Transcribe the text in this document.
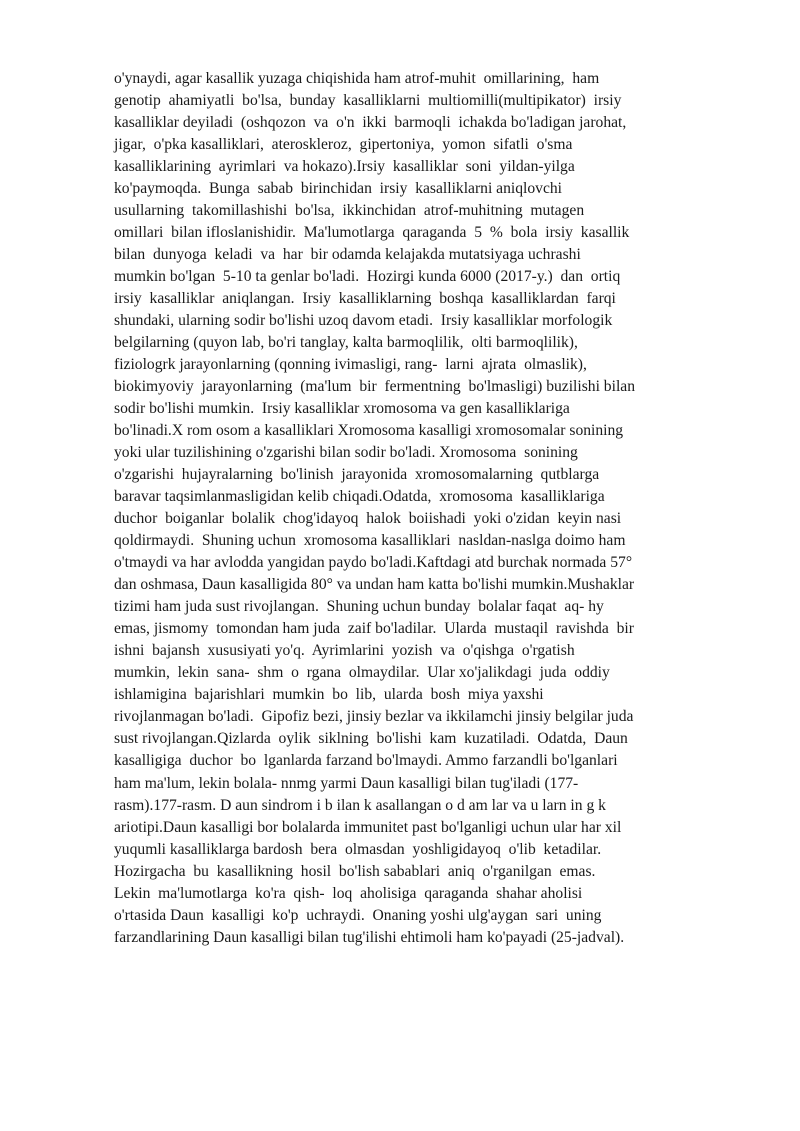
o'ynaydi, agar kasallik yuzaga chiqishida ham atrof-muhit  omillarining,  ham
genotip  ahamiyatli  bo'lsa,  bunday  kasalliklarni  multiomilli(multipikator)  irsiy
kasalliklar deyiladi  (oshqozon  va  o'n  ikki  barmoqli  ichakda bo'ladigan jarohat,
jigar,  o'pka kasalliklari,  ateroskleroz,  gipertoniya,  yomon  sifatli  o'sma
kasalliklarining  ayrimlari  va hokazo).Irsiy  kasalliklar  soni  yildan-yilga
ko'paymoqda.  Bunga  sabab  birinchidan  irsiy  kasalliklarni aniqlovchi
usullarning  takomillashishi  bo'lsa,  ikkinchidan  atrof-muhitning  mutagen
omillari  bilan ifloslanishidir.  Ma'lumotlarga  qaraganda  5  %  bola  irsiy  kasallik
bilan  dunyoga  keladi  va  har  bir odamda kelajakda mutatsiyaga uchrashi
mumkin bo'lgan  5-10 ta genlar bo'ladi.  Hozirgi kunda 6000 (2017-y.)  dan  ortiq
irsiy  kasalliklar  aniqlangan.  Irsiy  kasalliklarning  boshqa  kasalliklardan  farqi
shundaki, ularning sodir bo'lishi uzoq davom etadi.  Irsiy kasalliklar morfologik
belgilarning (quyon lab, bo'ri tanglay, kalta barmoqlilik,  olti barmoqlilik),
fiziologrk jarayonlarning (qonning ivimasligi, rang-  larni  ajrata  olmaslik),
biokimyoviy  jarayonlarning  (ma'lum  bir  fermentning  bo'lmasligi) buzilishi bilan
sodir bo'lishi mumkin.  Irsiy kasalliklar xromosoma va gen kasalliklariga
bo'linadi.X rom osom a kasalliklari Xromosoma kasalligi xromosomalar sonining
yoki ular tuzilishining o'zgarishi bilan sodir bo'ladi. Xromosoma  sonining
o'zgarishi  hujayralarning  bo'linish  jarayonida  xromosomalarning  qutblarga
baravar taqsimlanmasligidan kelib chiqadi.Odatda,  xromosoma  kasalliklariga
duchor  boiganlar  bolalik  chog'idayoq  halok  boiishadi  yoki o'zidan  keyin nasi
qoldirmaydi.  Shuning uchun  xromosoma kasalliklari  nasldan-naslga doimo ham
o'tmaydi va har avlodda yangidan paydo bo'ladi.Kaftdagi atd burchak normada 57°
dan oshmasa, Daun kasalligida 80° va undan ham katta bo'lishi mumkin.Mushaklar
tizimi ham juda sust rivojlangan.  Shuning uchun bunday  bolalar faqat  aq- hy
emas, jismomy  tomondan ham juda  zaif bo'ladilar.  Ularda  mustaqil  ravishda  bir
ishni  bajansh  xususiyati yo'q.  Ayrimlarini  yozish  va  o'qishga  o'rgatish
mumkin,  lekin  sana-  shm  o  rgana  olmaydilar.  Ular xo'jalikdagi  juda  oddiy
ishlamigina  bajarishlari  mumkin  bo  lib,  ularda  bosh  miya yaxshi
rivojlanmagan bo'ladi.  Gipofiz bezi, jinsiy bezlar va ikkilamchi jinsiy belgilar juda
sust rivojlangan.Qizlarda  oylik  siklning  bo'lishi  kam  kuzatiladi.  Odatda,  Daun
kasalligiga  duchor  bo  lganlarda farzand bo'lmaydi. Ammo farzandli bo'lganlari
ham ma'lum, lekin bolala- nnmg yarmi Daun kasalligi bilan tug'iladi (177-
rasm).177-rasm. D aun sindrom i b ilan k asallangan o d am lar va u larn in g k
ariotipi.Daun kasalligi bor bolalarda immunitet past bo'lganligi uchun ular har xil
yuqumli kasalliklarga bardosh  bera  olmasdan  yoshligidayoq  o'lib  ketadilar.
Hozirgacha  bu  kasallikning  hosil  bo'lish sabablari  aniq  o'rganilgan  emas.
Lekin  ma'lumotlarga  ko'ra  qish-  loq  aholisiga  qaraganda  shahar aholisi
o'rtasida Daun  kasalligi  ko'p  uchraydi.  Onaning yoshi ulg'aygan  sari  uning
farzandlarining Daun kasalligi bilan tug'ilishi ehtimoli ham ko'payadi (25-jadval).
